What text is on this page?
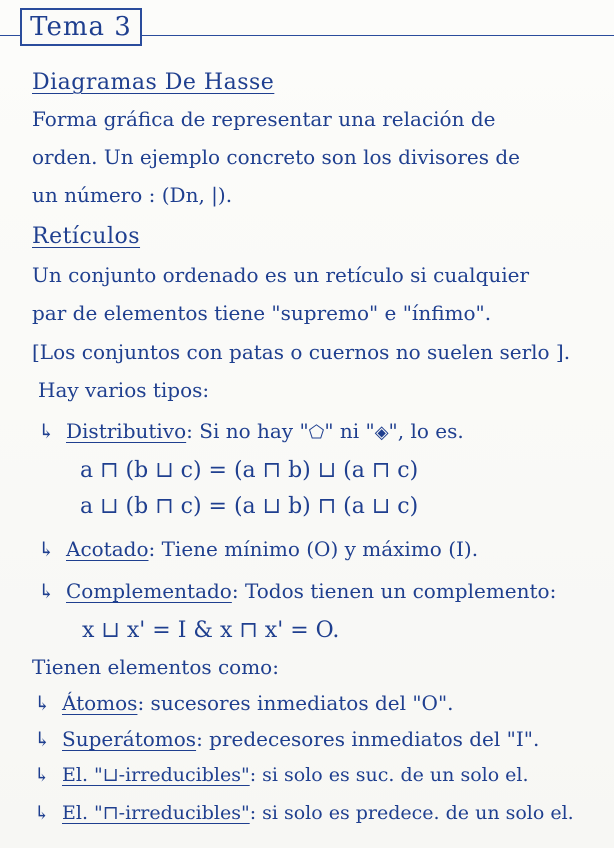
Tema 3
Diagramas De Hasse
Forma gráfica de representar una relación de
orden. Un ejemplo concreto son los divisores de
un número : (Dn, |).
Retículos
Un conjunto ordenado es un retículo si cualquier
par de elementos tiene "supremo" e "ínfimo".
[Los conjuntos con patas o cuernos no suelen serlo ].
Hay varios tipos:
↳ Distributivo: Si no hay "⬠" ni "◈", lo es.
a ⊓ (b ⊔ c) = (a ⊓ b) ⊔ (a ⊓ c)
a ⊔ (b ⊓ c) = (a ⊔ b) ⊓ (a ⊔ c)
↳ Acotado: Tiene mínimo (O) y máximo (I).
↳ Complementado: Todos tienen un complemento:
x ⊔ x' = I & x ⊓ x' = O.
Tienen elementos como:
↳ Átomos: sucesores inmediatos del "O".
↳ Superátomos: predecesores inmediatos del "I".
↳ El. "⊔-irreducibles": si solo es suc. de un solo el.
↳ El. "⊓-irreducibles": si solo es predece. de un solo el.
